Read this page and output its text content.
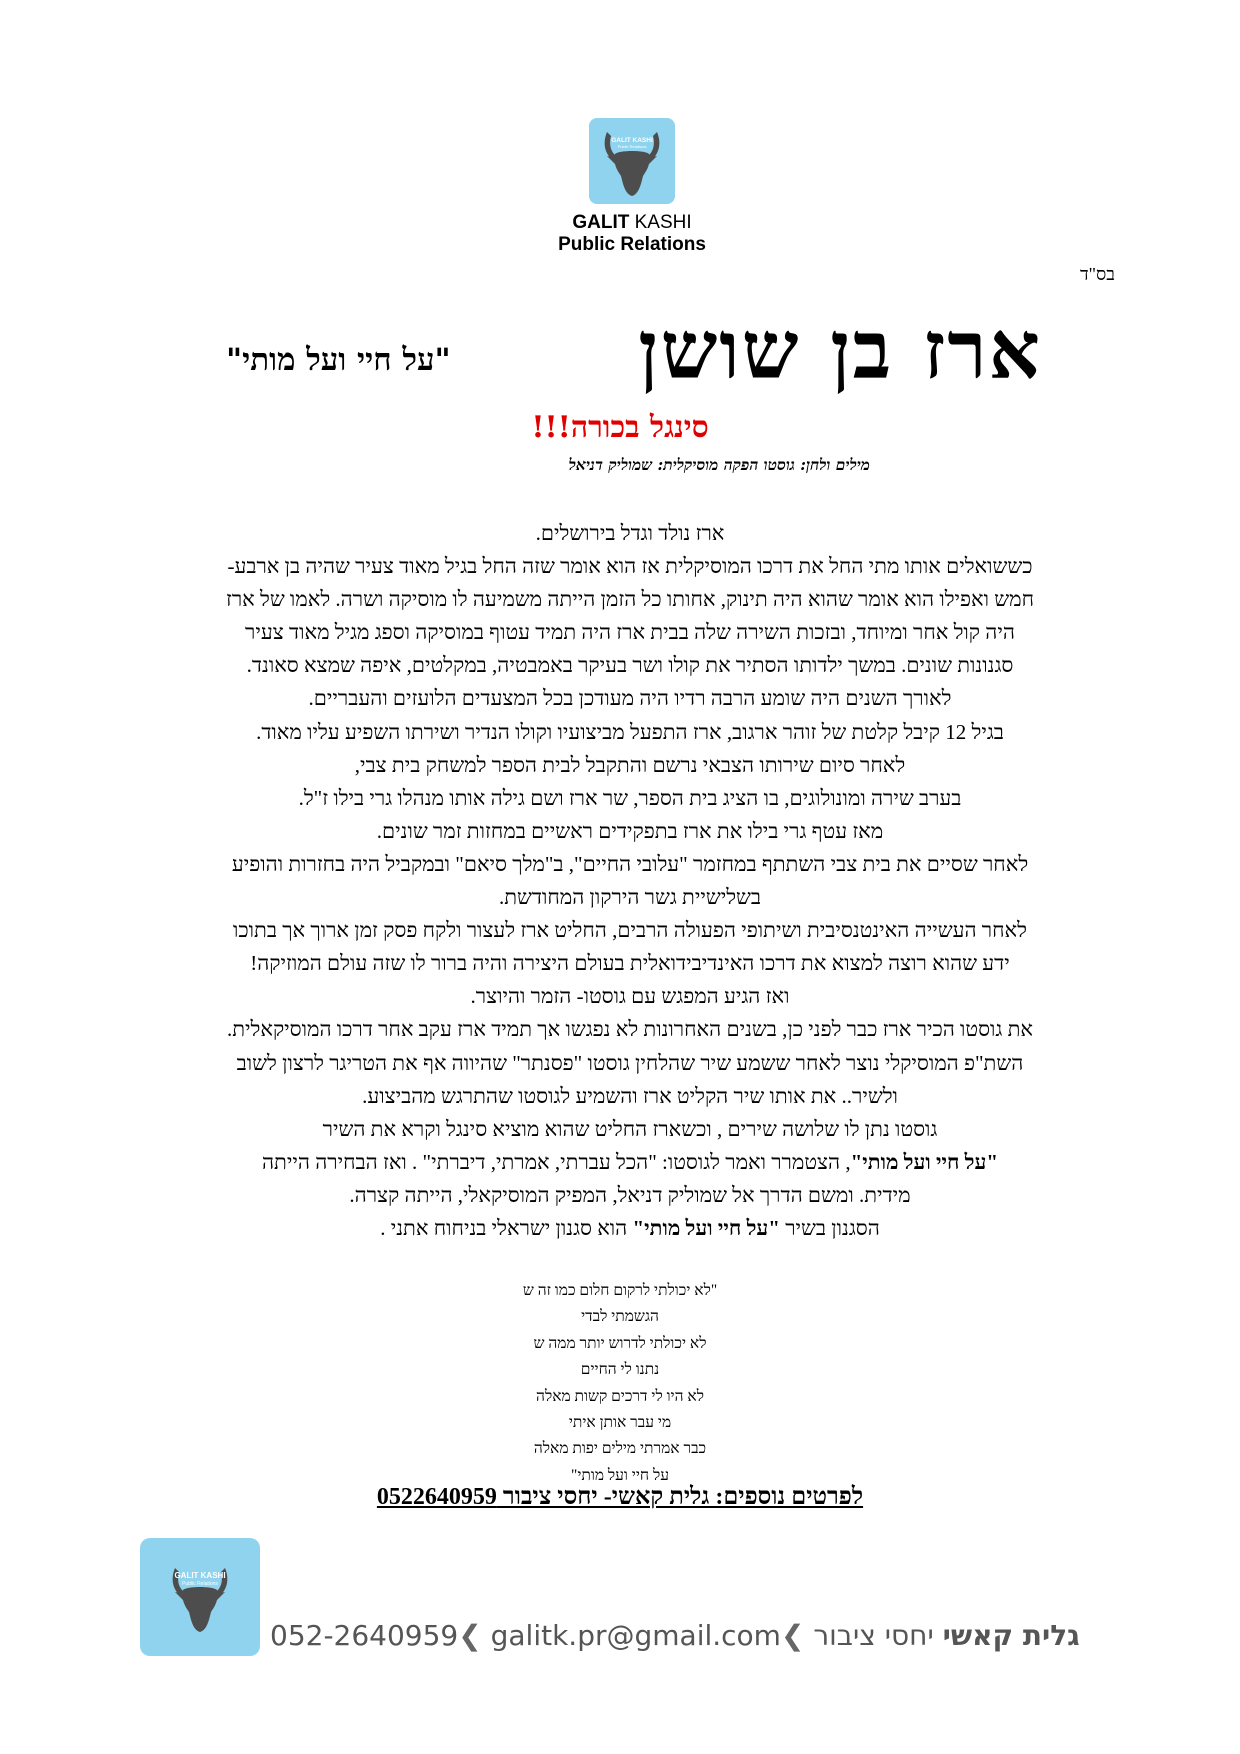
GALIT KASHI
Public Relations
GALIT KASHI
Public Relations
בס"ד
ארז בן שושן
"על חיי ועל מותי"
סינגל בכורה!!!
מילים ולחן: גוסטו הפקה מוסיקלית: שמוליק דניאל
ארז נולד וגדל בירושלים.
כששואלים אותו מתי החל את דרכו המוסיקלית אז הוא אומר שזה החל בגיל מאוד צעיר שהיה בן ארבע-
חמש ואפילו הוא אומר שהוא היה תינוק, אחותו כל הזמן הייתה משמיעה לו מוסיקה ושרה. לאמו של ארז
היה קול אחר ומיוחד, ובזכות השירה שלה בבית ארז היה תמיד עטוף במוסיקה וספג מגיל מאוד צעיר
סגנונות שונים. במשך ילדותו הסתיר את קולו ושר בעיקר באמבטיה, במקלטים, איפה שמצא סאונד.
לאורך השנים היה שומע הרבה רדיו היה מעודכן בכל המצעדים הלועזים והעבריים.
בגיל 12 קיבל קלטת של זוהר ארגוב, ארז התפעל מביצועיו וקולו הנדיר ושירתו השפיע עליו מאוד.
לאחר סיום שירותו הצבאי נרשם והתקבל לבית הספר למשחק בית צבי,
בערב שירה ומונולוגים, בו הציג בית הספר, שר ארז ושם גילה אותו מנהלו גרי בילו ז"ל.
מאז עטף גרי בילו את ארז בתפקידים ראשיים במחזות זמר שונים.
לאחר שסיים את בית צבי השתתף במחזמר "עלובי החיים", ב"מלך סיאם" ובמקביל היה בחזרות והופיע
בשלישיית גשר הירקון המחודשת.
לאחר העשייה האינטנסיבית ושיתופי הפעולה הרבים, החליט ארז לעצור ולקח פסק זמן ארוך אך בתוכו
ידע שהוא רוצה למצוא את דרכו האינדיבידואלית בעולם היצירה והיה ברור לו שזה עולם המוזיקה!
ואז הגיע המפגש עם גוסטו- הזמר והיוצר.
את גוסטו הכיר ארז כבר לפני כן, בשנים האחרונות לא נפגשו אך תמיד ארז עקב אחר דרכו המוסיקאלית.
השת"פ המוסיקלי נוצר לאחר ששמע שיר שהלחין גוסטו "פסנתר" שהיווה אף את הטריגר לרצון לשוב
ולשיר.. את אותו שיר הקליט ארז והשמיע לגוסטו שהתרגש מהביצוע.
גוסטו נתן לו שלושה שירים , וכשארז החליט שהוא מוציא סינגל וקרא את השיר
"על חיי ועל מותי", הצטמרר ואמר לגוסטו: "הכל עברתי, אמרתי, דיברתי" . ואז הבחירה הייתה
מידית. ומשם הדרך אל שמוליק דניאל, המפיק המוסיקאלי, הייתה קצרה.
הסגנון בשיר "על חיי ועל מותי" הוא סגנון ישראלי בניחוח אתני .
"לא יכולתי לרקום חלום כמו זה ש
הגשמתי לבדי
לא יכולתי לדרוש יותר ממה ש
נתנו לי החיים
לא היו לי דרכים קשות מאלה
מי עבר אותן איתי
כבר אמרתי מילים יפות מאלה
על חיי ועל מותי"
לפרטים נוספים: גלית קאשי- יחסי ציבור 0522640959
GALIT KASHI
Public Relations
052-2640959❮ galitk.pr@gmail.com❮	גלית קאשי יחסי ציבור
